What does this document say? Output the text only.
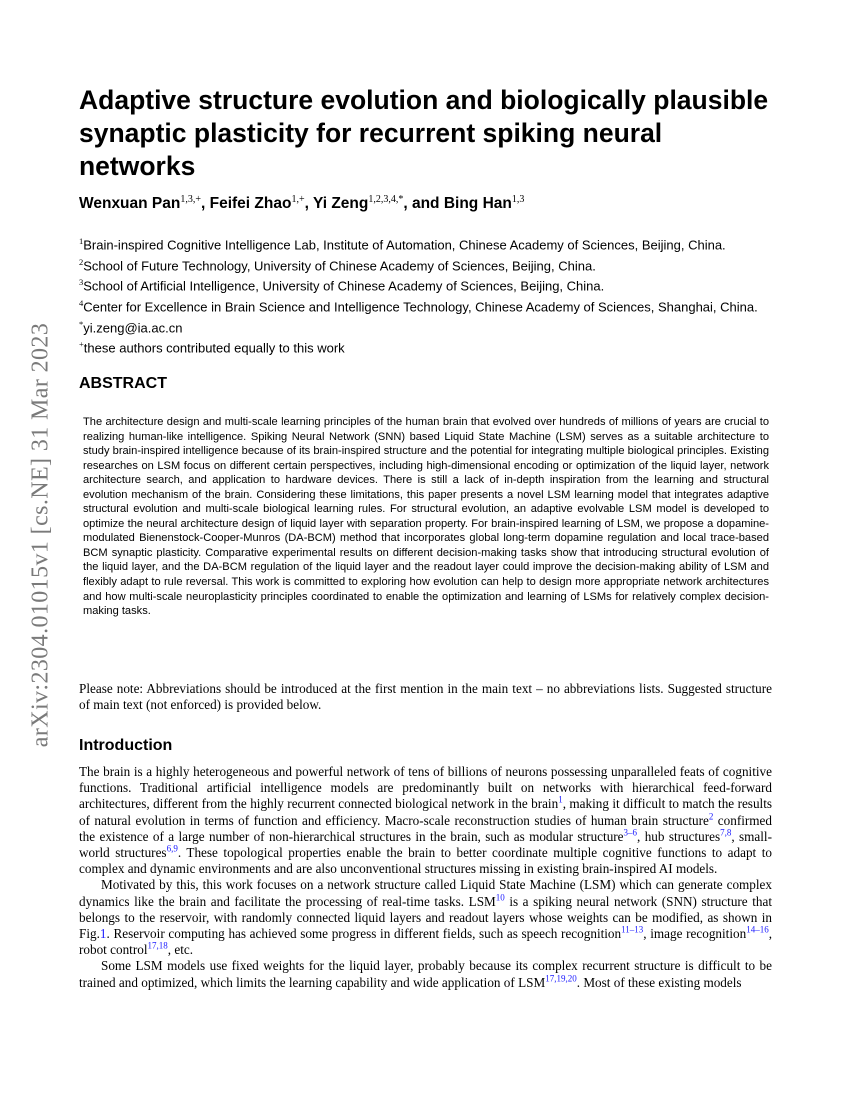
arXiv:2304.01015v1 [cs.NE] 31 Mar 2023
Adaptive structure evolution and biologically plausible synaptic plasticity for recurrent spiking neural networks
Wenxuan Pan$^{1,3,+}$, Feifei Zhao$^{1,+}$, Yi Zeng$^{1,2,3,4,*}$, and Bing Han$^{1,3}$

$^1$Brain-inspired Cognitive Intelligence Lab, Institute of Automation, Chinese Academy of Sciences, Beijing, China.

$^2$School of Future Technology, University of Chinese Academy of Sciences, Beijing, China.

$^3$School of Artificial Intelligence, University of Chinese Academy of Sciences, Beijing, China.

$^4$Center for Excellence in Brain Science and Intelligence Technology, Chinese Academy of Sciences, Shanghai, China.

*yi.zeng@ia.ac.cn

+these authors contributed equally to this work

ABSTRACT

The architecture design and multi-scale learning principles of the human brain that evolved over hundreds of millions of years are crucial to realizing human-like intelligence. Spiking Neural Network (SNN) based Liquid State Machine (LSM) serves as a suitable architecture to study brain-inspired intelligence because of its brain-inspired structure and the potential for integrating multiple biological principles. Existing researches on LSM focus on different certain perspectives, including high-dimensional encoding or optimization of the liquid layer, network architecture search, and application to hardware devices. There is still a lack of in-depth inspiration from the learning and structural evolution mechanism of the brain. Considering these limitations, this paper presents a novel LSM learning model that integrates adaptive structural evolution and multi-scale biological learning rules. For structural evolution, an adaptive evolvable LSM model is developed to optimize the neural architecture design of liquid layer with separation property. For brain-inspired learning of LSM, we propose a dopamine-modulated Bienenstock-Cooper-Munros (DA-BCM) method that incorporates global long-term dopamine regulation and local trace-based BCM synaptic plasticity. Comparative experimental results on different decision-making tasks show that introducing structural evolution of the liquid layer, and the DA-BCM regulation of the liquid layer and the readout layer could improve the decision-making ability of LSM and flexibly adapt to rule reversal. This work is committed to exploring how evolution can help to design more appropriate network architectures and how multi-scale neuroplasticity principles coordinated to enable the optimization and learning of LSMs for relatively complex decision-making tasks.

Please note: Abbreviations should be introduced at the first mention in the main text – no abbreviations lists. Suggested structure of main text (not enforced) is provided below.

Introduction

The brain is a highly heterogeneous and powerful network of tens of billions of neurons possessing unparalleled feats of cognitive functions. Traditional artificial intelligence models are predominantly built on networks with hierarchical feed-forward architectures, different from the highly recurrent connected biological network in the brain$^1$, making it difficult to match the results of natural evolution in terms of function and efficiency. Macro-scale reconstruction studies of human brain structure$^2$ confirmed the existence of a large number of non-hierarchical structures in the brain, such as modular structure$^{3-6}$, hub structures$^{7,8}$, small-world structures$^{6,9}$. These topological properties enable the brain to better coordinate multiple cognitive functions to adapt to complex and dynamic environments and are also unconventional structures missing in existing brain-inspired AI models.

Motivated by this, this work focuses on a network structure called Liquid State Machine (LSM) which can generate complex dynamics like the brain and facilitate the processing of real-time tasks. LSM$^{10}$ is a spiking neural network (SNN) structure that belongs to the reservoir, with randomly connected liquid layers and readout layers whose weights can be modified, as shown in Fig.1. Reservoir computing has achieved some progress in different fields, such as speech recognition$^{11-13}$, image recognition$^{14-16}$, robot control$^{17,18}$, etc.

Some LSM models use fixed weights for the liquid layer, probably because its complex recurrent structure is difficult to be trained and optimized, which limits the learning capability and wide application of LSM$^{17,19,20}$. Most of these existing models
